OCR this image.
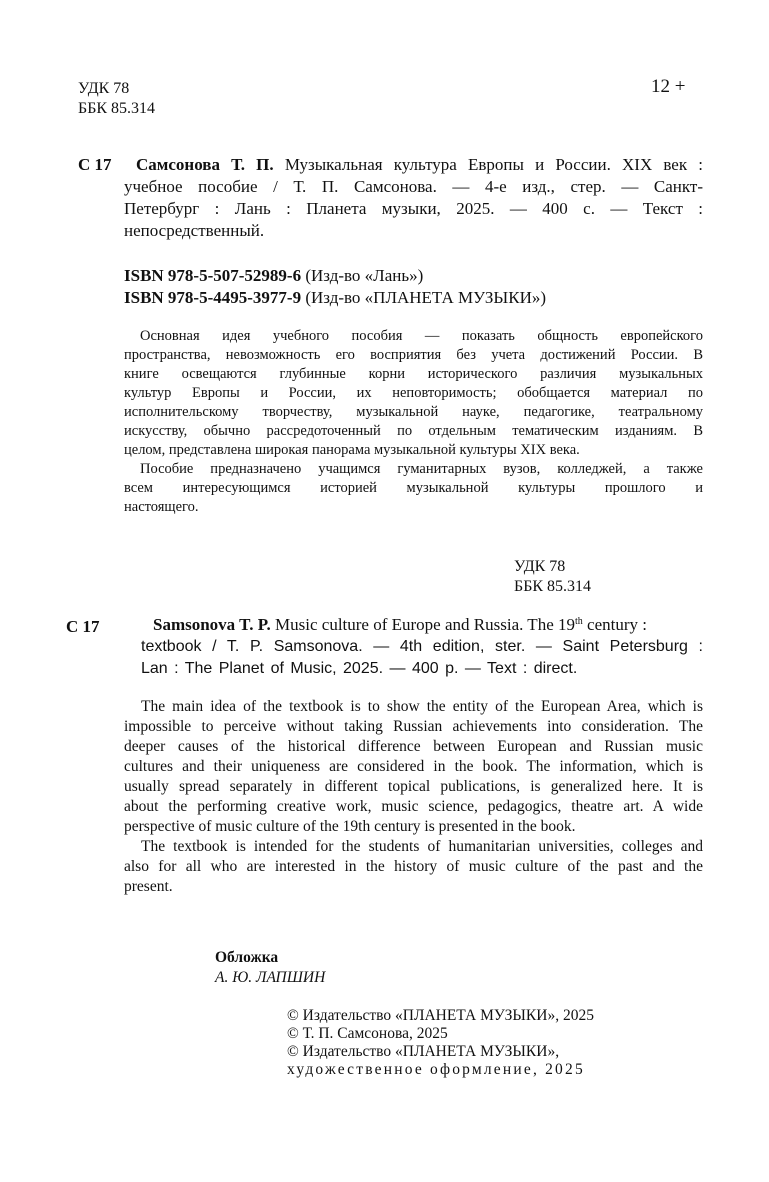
УДК 78
ББК 85.314
12 +
С 17 Самсонова Т. П. Музыкальная культура Европы и России. XIX век :
учебное пособие / Т. П. Самсонова. — 4-е изд., стер. — Санкт-
Петербург : Лань : Планета музыки, 2025. — 400 с. — Текст :
непосредственный.
ISBN 978-5-507-52989-6 (Изд-во «Лань»)
ISBN 978-5-4495-3977-9 (Изд-во «ПЛАНЕТА МУЗЫКИ»)
Основная идея учебного пособия — показать общность европейского
пространства, невозможность его восприятия без учета достижений России. В
книге освещаются глубинные корни исторического различия музыкальных
культур Европы и России, их неповторимость; обобщается материал по
исполнительскому творчеству, музыкальной науке, педагогике, театральному
искусству, обычно рассредоточенный по отдельным тематическим изданиям. В
целом, представлена широкая панорама музыкальной культуры XIX века.
Пособие предназначено учащимся гуманитарных вузов, колледжей, а также
всем интересующимся историей музыкальной культуры прошлого и
настоящего.
УДК 78
ББК 85.314
С 17	Samsonova T. P. Music culture of Europe and Russia. The 19th century :
textbook / T. P. Samsonova. — 4th edition, ster. — Saint Petersburg :
Lan : The Planet of Music, 2025. — 400 p. — Text : direct.
The main idea of the textbook is to show the entity of the European Area, which is
impossible to perceive without taking Russian achievements into consideration. The
deeper causes of the historical difference between European and Russian music
cultures and their uniqueness are considered in the book. The information, which is
usually spread separately in different topical publications, is generalized here. It is
about the performing creative work, music science, pedagogics, theatre art. A wide
perspective of music culture of the 19th century is presented in the book.
The textbook is intended for the students of humanitarian universities, colleges and
also for all who are interested in the history of music culture of the past and the
present.
Обложка
А. Ю. ЛАПШИН
© Издательство «ПЛАНЕТА МУЗЫКИ», 2025
© Т. П. Самсонова, 2025
© Издательство «ПЛАНЕТА МУЗЫКИ»,
художественное оформление, 2025
